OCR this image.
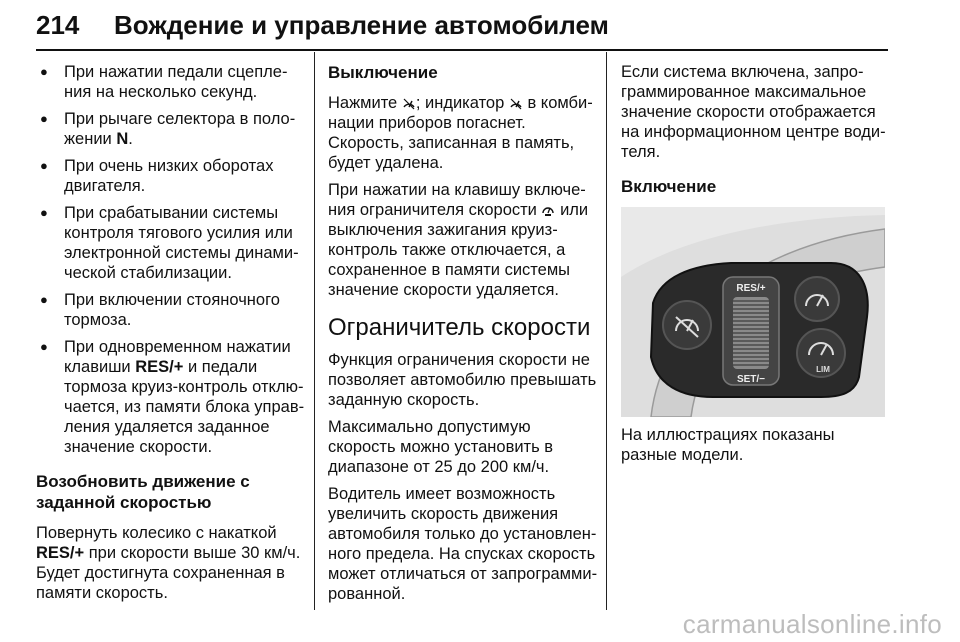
214 Вождение и управление автомобилем
● При нажатии педали сцепле-ния на несколько секунд.
● При рычаге селектора в поло-жении N.
● При очень низких оборотах двигателя.
● При срабатывании системы контроля тягового усилия или электронной системы динами-ческой стабилизации.
● При включении стояночного тормоза.
● При одновременном нажатии клавиши RES/+ и педали тормоза круиз-контроль отклю-чается, из памяти блока управ-ления удаляется заданное значение скорости.
Возобновить движение с заданной скоростью

Повернуть колесико с накаткой RES/+ при скорости выше 30 км/ч. Будет достигнута сохраненная в памяти скорость.

Выключение

Нажмите ; индикатор  в комби-нации приборов погаснет. Скорость, записанная в память, будет удалена.

При нажатии на клавишу включе-ния ограничителя скорости  или выключения зажигания круиз-контроль также отключается, а сохраненное в памяти системы значение скорости удаляется.

Ограничитель скорости

Функция ограничения скорости не позволяет автомобилю превышать заданную скорость.

Максимально допустимую скорость можно установить в диапазоне от 25 до 200 км/ч.

Водитель имеет возможность увеличить скорость движения автомобиля только до установлен-ного предела. На спусках скорость может отличаться от запрограмми-рованной.

Если система включена, запро-граммированное максимальное значение скорости отображается на информационном центре води-теля.

Включение
RES/+
SET/−
LIM

На иллюстрациях показаны разные модели.

carmanualsonline.info
